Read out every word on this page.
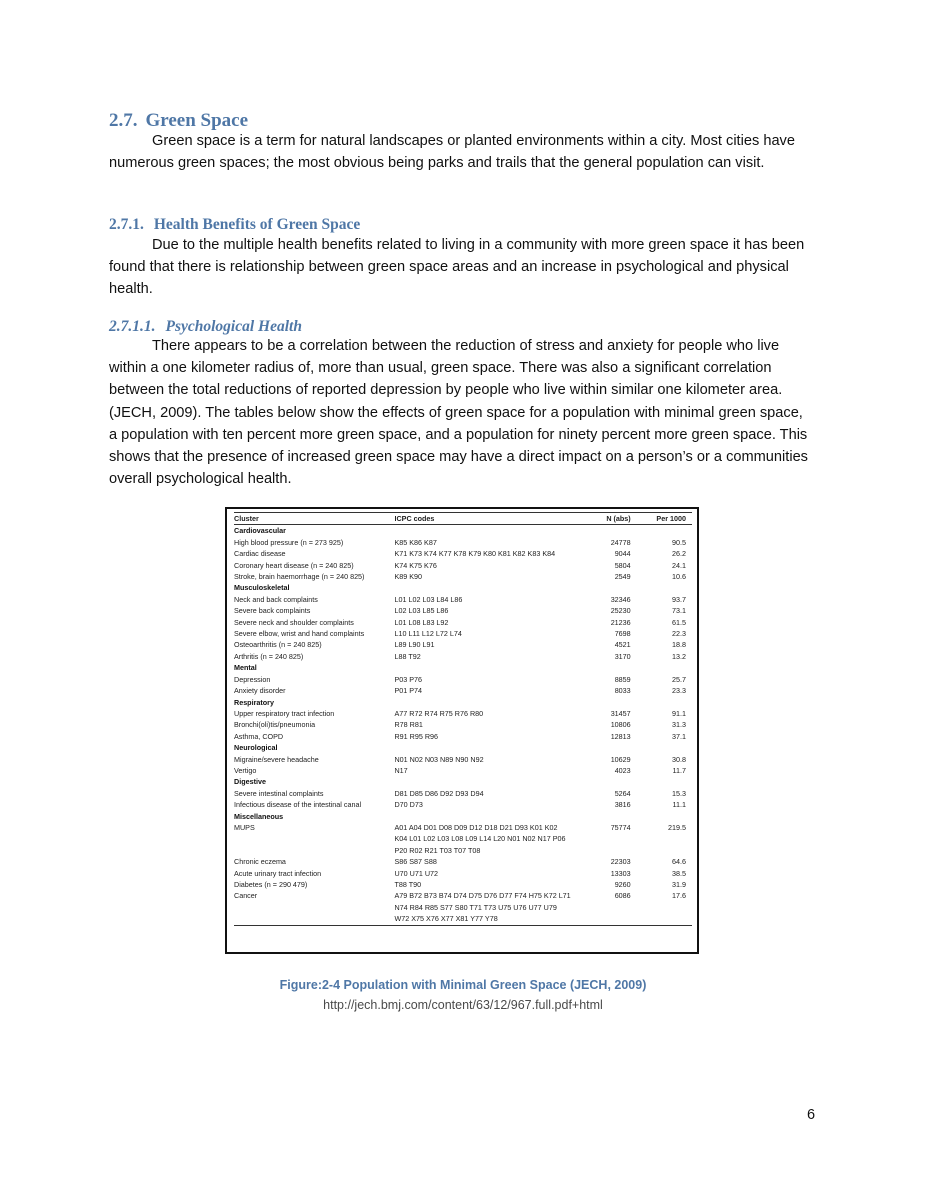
2.7. Green Space
Green space is a term for natural landscapes or planted environments within a city. Most cities have numerous green spaces; the most obvious being parks and trails that the general population can visit.
2.7.1. Health Benefits of Green Space
Due to the multiple health benefits related to living in a community with more green space it has been found that there is relationship between green space areas and an increase in psychological and physical health.
2.7.1.1. Psychological Health
There appears to be a correlation between the reduction of stress and anxiety for people who live within a one kilometer radius of, more than usual, green space. There was also a significant correlation between the total reductions of reported depression by people who live within similar one kilometer area. (JECH, 2009). The tables below show the effects of green space for a population with minimal green space, a population with ten percent more green space, and a population for ninety percent more green space. This shows that the presence of increased green space may have a direct impact on a person’s or a communities overall psychological health.
Cluster	ICPC codes	N (abs)	Per 1000
Cardiovascular			
High blood pressure (n = 273 925)	K85 K86 K87	24778	90.5
Cardiac disease	K71 K73 K74 K77 K78 K79 K80 K81 K82 K83 K84	9044	26.2
Coronary heart disease (n = 240 825)	K74 K75 K76	5804	24.1
Stroke, brain haemorrhage (n = 240 825)	K89 K90	2549	10.6
Musculoskeletal			
Neck and back complaints	L01 L02 L03 L84 L86	32346	93.7
Severe back complaints	L02 L03 L85 L86	25230	73.1
Severe neck and shoulder complaints	L01 L08 L83 L92	21236	61.5
Severe elbow, wrist and hand complaints	L10 L11 L12 L72 L74	7698	22.3
Osteoarthritis (n = 240 825)	L89 L90 L91	4521	18.8
Arthritis (n = 240 825)	L88 T92	3170	13.2
Mental			
Depression	P03 P76	8859	25.7
Anxiety disorder	P01 P74	8033	23.3
Respiratory			
Upper respiratory tract infection	A77 R72 R74 R75 R76 R80	31457	91.1
Bronchi(oli)tis/pneumonia	R78 R81	10806	31.3
Asthma, COPD	R91 R95 R96	12813	37.1
Neurological			
Migraine/severe headache	N01 N02 N03 N89 N90 N92	10629	30.8
Vertigo	N17	4023	11.7
Digestive			
Severe intestinal complaints	D81 D85 D86 D92 D93 D94	5264	15.3
Infectious disease of the intestinal canal	D70 D73	3816	11.1
Miscellaneous			
MUPS	A01 A04 D01 D08 D09 D12 D18 D21 D93 K01 K02 K04 L01 L02 L03 L08 L09 L14 L20 N01 N02 N17 P06 P20 R02 R21 T03 T07 T08	75774	219.5
Chronic eczema	S86 S87 S88	22303	64.6
Acute urinary tract infection	U70 U71 U72	13303	38.5
Diabetes (n = 290 479)	T88 T90	9260	31.9
Cancer	A79 B72 B73 B74 D74 D75 D76 D77 F74 H75 K72 L71 N74 R84 R85 S77 S80 T71 T73 U75 U76 U77 U79 W72 X75 X76 X77 X81 Y77 Y78	6086	17.6
Figure:2-4 Population with Minimal Green Space (JECH, 2009)
http://jech.bmj.com/content/63/12/967.full.pdf+html
6
